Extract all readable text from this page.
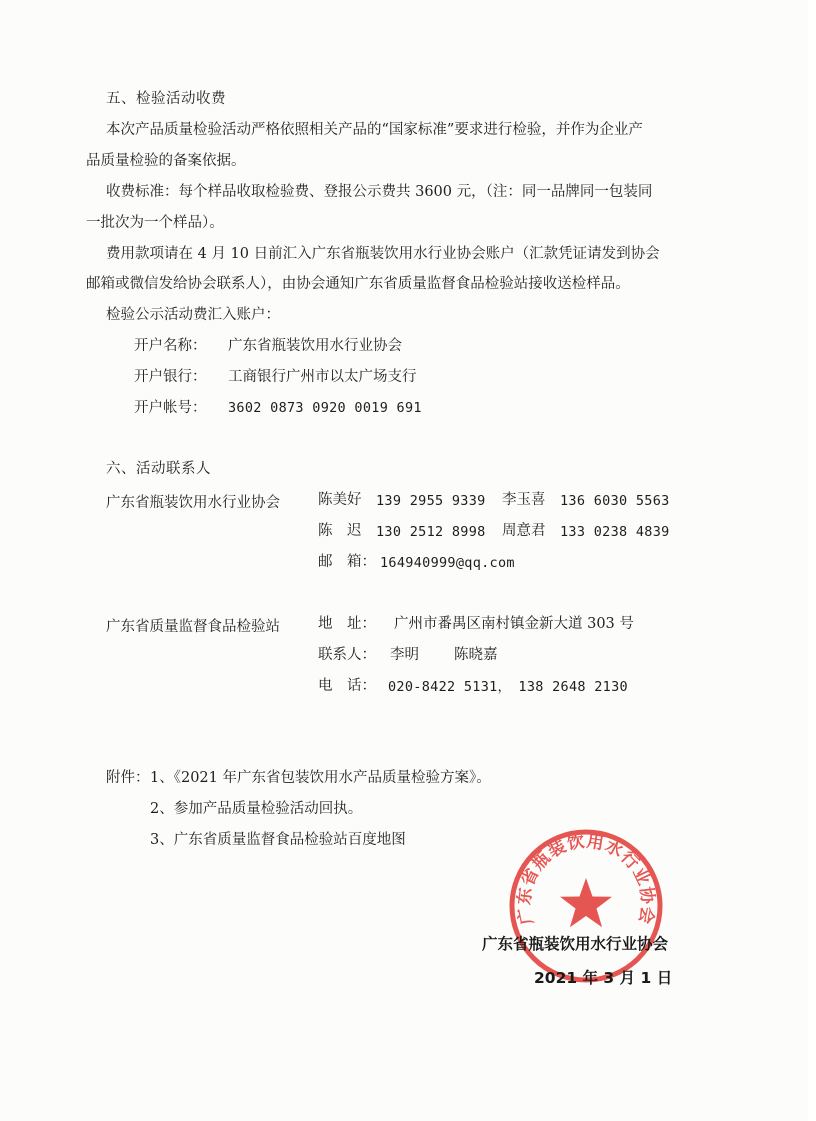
五、检验活动收费
本次产品质量检验活动严格依照相关产品的“国家标准”要求进行检验，并作为企业产
品质量检验的备案依据。
收费标准：每个样品收取检验费、登报公示费共 3600 元，（注：同一品牌同一包装同
一批次为一个样品）。
费用款项请在 4 月 10 日前汇入广东省瓶装饮用水行业协会账户（汇款凭证请发到协会
邮箱或微信发给协会联系人），由协会通知广东省质量监督食品检验站接收送检样品。
检验公示活动费汇入账户：
开户名称： 广东省瓶装饮用水行业协会
开户银行： 工商银行广州市以太广场支行
开户帐号： 3602 0873 0920 0019 691
六、活动联系人
广东省瓶装饮用水行业协会	陈美好 139 2955 9339 李玉喜 136 6030 5563
陈　迟 130 2512 8998 周意君 133 0238 4839
邮　箱： 164940999@qq.com
广东省质量监督食品检验站	地　址： 广州市番禺区南村镇金新大道 303 号
联系人： 李明 陈晓嘉
电　话： 020-8422 5131，　138 2648 2130
附件： 1、《2021 年广东省包装饮用水产品质量检验方案》。
2、参加产品质量检验活动回执。
3、广东省质量监督食品检验站百度地图
广东省瓶装饮用水行业协会
广东省瓶装饮用水行业协会
2021 年 3 月 1 日
